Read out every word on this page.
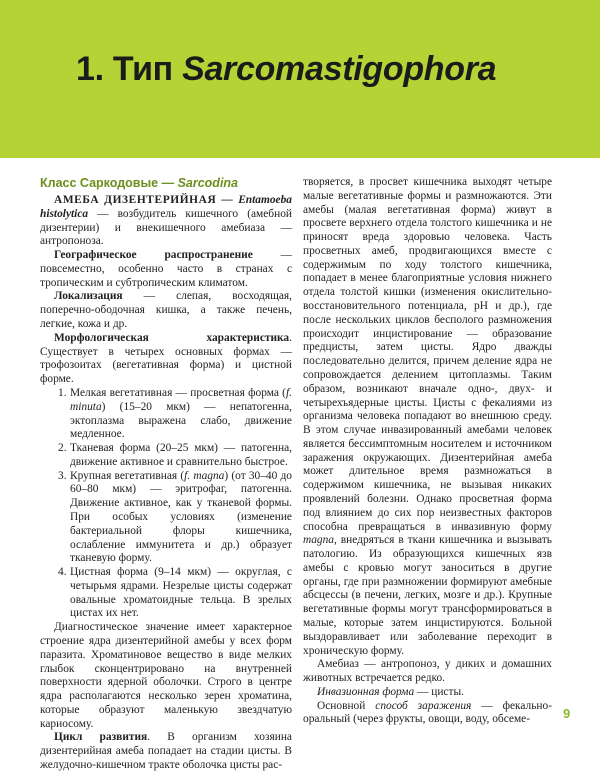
1. Тип Sarcomastigophora
Класс Саркодовые — Sarcodina

АМЕБА ДИЗЕНТЕРИЙНАЯ — Entamoeba histolytica — возбудитель кишечного (амебной дизентерии) и внекишечного амебиаза — антропоноза.

Географическое распространение — повсеместно, особенно часто в странах с тропическим и субтропическим климатом.

Локализация — слепая, восходящая, поперечно-ободочная кишка, а также печень, легкие, кожа и др.

Морфологическая характеристика. Существует в четырех основных формах — трофозоитах (вегетативная форма) и цистной форме.

1. Мелкая вегетативная — просветная форма (f. minuta) (15–20 мкм) — непатогенна, эктоплазма выражена слабо, движение медленное.
2. Тканевая форма (20–25 мкм) — патогенна, движение активное и сравнительно быстрое.
3. Крупная вегетативная (f. magna) (от 30–40 до 60–80 мкм) — эритрофаг, патогенна. Движение активное, как у тканевой формы. При особых условиях (изменение бактериальной флоры кишечника, ослабление иммунитета и др.) образует тканевую форму.
4. Цистная форма (9–14 мкм) — округлая, с четырьмя ядрами. Незрелые цисты содержат овальные хроматоидные тельца. В зрелых цистах их нет.

Диагностическое значение имеет характерное строение ядра дизентерийной амебы у всех форм паразита. Хроматиновое вещество в виде мелких глыбок сконцентрировано на внутренней поверхности ядерной оболочки. Строго в центре ядра располагаются несколько зерен хроматина, которые образуют маленькую звездчатую кариосому.

Цикл развития. В организм хозяина дизентерийная амеба попадает на стадии цисты. В желудочно-кишечном тракте оболочка цисты рас-

творяется, в просвет кишечника выходят четыре малые вегетативные формы и размножаются. Эти амебы (малая вегетативная форма) живут в просвете верхнего отдела толстого кишечника и не приносят вреда здоровью человека. Часть просветных амеб, продвигающихся вместе с содержимым по ходу толстого кишечника, попадает в менее благоприятные условия нижнего отдела толстой кишки (изменения окислительно-восстановительного потенциала, pH и др.), где после нескольких циклов бесполого размножения происходит инцистирование — образование предцисты, затем цисты. Ядро дважды последовательно делится, причем деление ядра не сопровождается делением цитоплазмы. Таким образом, возникают вначале одно-, двух- и четырехъядерные цисты. Цисты с фекалиями из организма человека попадают во внешнюю среду. В этом случае инвазированный амебами человек является бессимптомным носителем и источником заражения окружающих. Дизентерийная амеба может длительное время размножаться в содержимом кишечника, не вызывая никаких проявлений болезни. Однако просветная форма под влиянием до сих пор неизвестных факторов способна превращаться в инвазивную форму magna, внедряться в ткани кишечника и вызывать патологию. Из образующихся кишечных язв амебы с кровью могут заноситься в другие органы, где при размножении формируют амебные абсцессы (в печени, легких, мозге и др.). Крупные вегетативные формы могут трансформироваться в малые, которые затем инцистируются. Больной выздоравливает или заболевание переходит в хроническую форму.

Амебиаз — антропоноз, у диких и домашних животных встречается редко.

Инвазионная форма — цисты.

Основной способ заражения — фекально-оральный (через фрукты, овощи, воду, обсеме-	9
